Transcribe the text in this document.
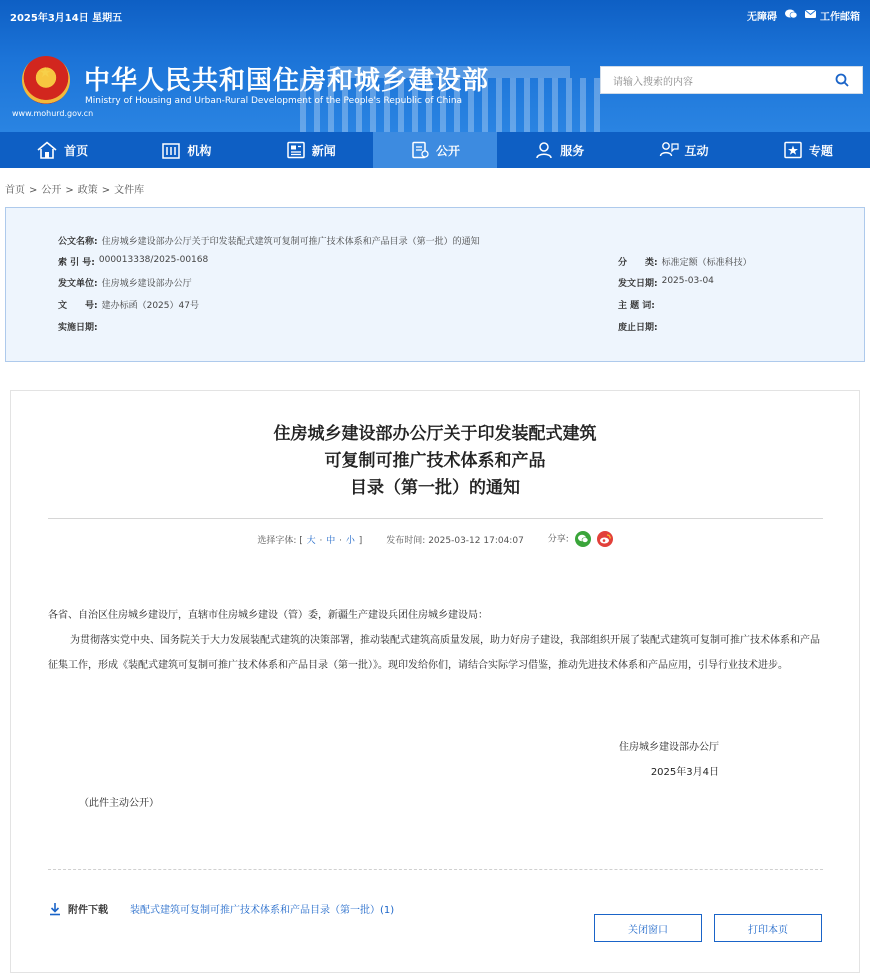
2025年3月14日 星期五	无障碍	工作邮箱
★
www.mohurd.gov.cn
中华人民共和国住房和城乡建设部
Ministry of Housing and Urban-Rural Development of the People's Republic of China
请输入搜索的内容
首页	机构	新闻	公开	服务	互动	专题
首页 > 公开 > 政策 > 文件库
公文名称: 住房城乡建设部办公厅关于印发装配式建筑可复制可推广技术体系和产品目录（第一批）的通知
索 引 号: 000013338/2025-00168	分　　类: 标准定额（标准科技）
发文单位: 住房城乡建设部办公厅	发文日期: 2025-03-04
文　　号: 建办标函（2025）47号	主 题 词:
实施日期:	废止日期:
住房城乡建设部办公厅关于印发装配式建筑
可复制可推广技术体系和产品
目录（第一批）的通知
选择字体: [ 大 · 中 · 小 ]	发布时间: 2025-03-12 17:04:07	分享:

各省、自治区住房城乡建设厅，直辖市住房城乡建设（管）委，新疆生产建设兵团住房城乡建设局：

为贯彻落实党中央、国务院关于大力发展装配式建筑的决策部署，推动装配式建筑高质量发展，助力好房子建设，我部组织开展了装配式建筑可复制可推广技术体系和产品征集工作，形成《装配式建筑可复制可推广技术体系和产品目录（第一批）》。现印发给你们，请结合实际学习借鉴，推动先进技术体系和产品应用，引导行业技术进步。

住房城乡建设部办公厅
2025年3月4日
（此件主动公开）
附件下载 装配式建筑可复制可推广技术体系和产品目录（第一批）(1)
关闭窗口	打印本页
